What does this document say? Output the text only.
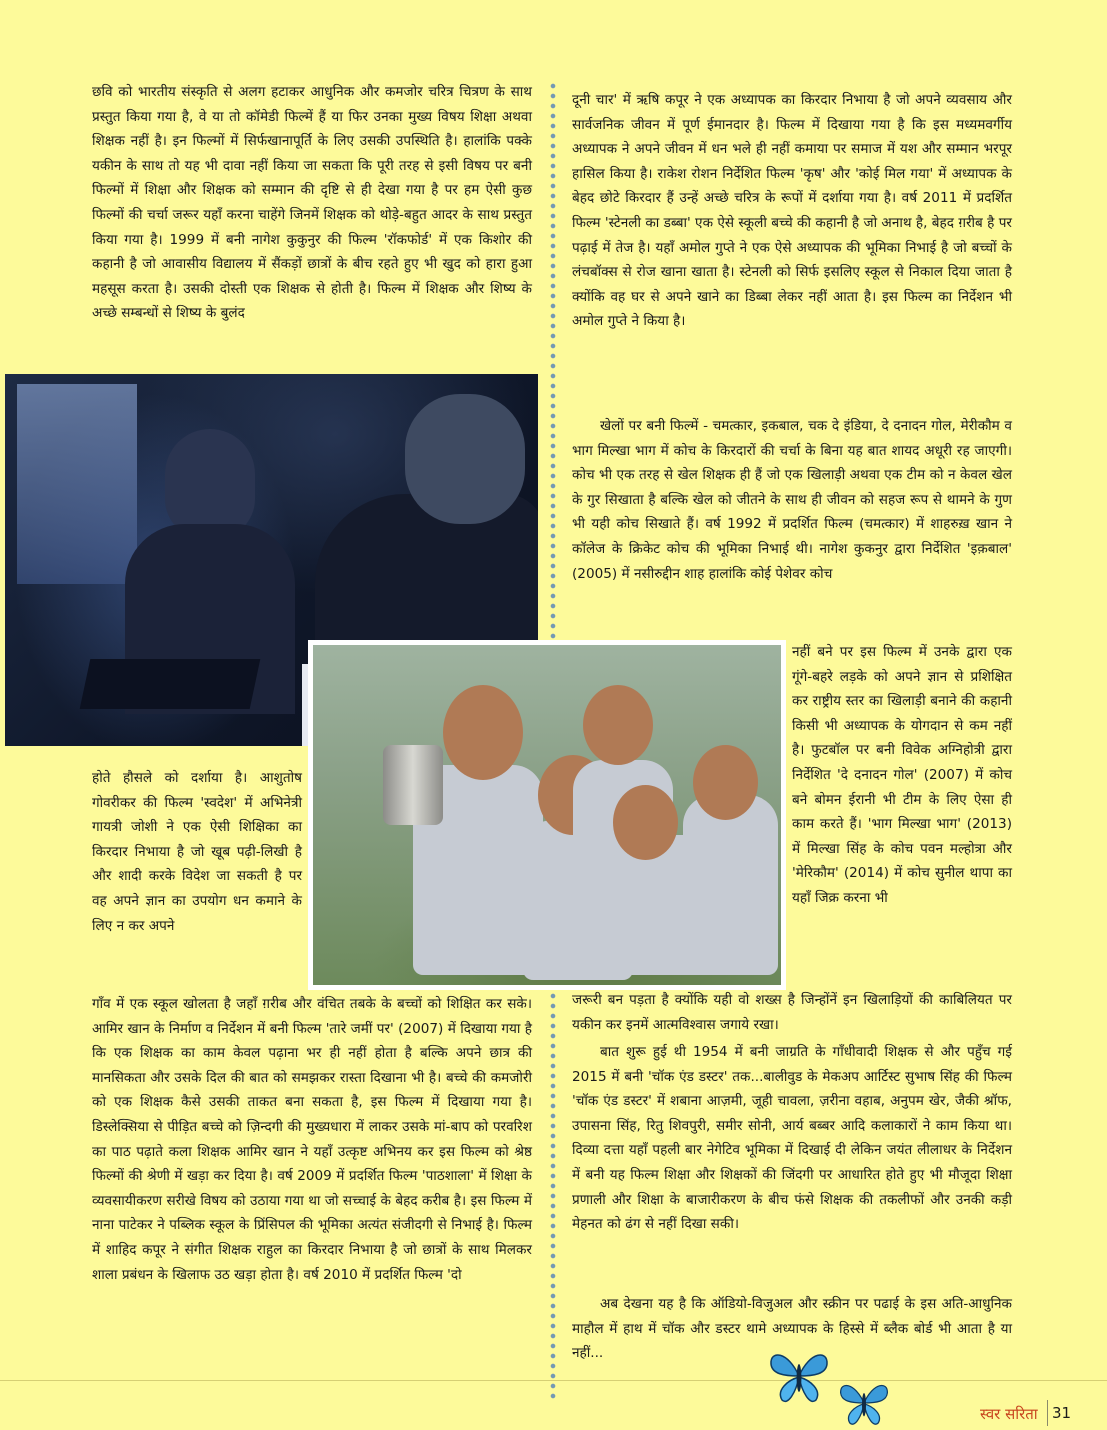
छवि को भारतीय संस्कृति से अलग हटाकर आधुनिक और कमजोर चरित्र चित्रण के साथ प्रस्तुत किया गया है, वे या तो कॉमेडी फिल्में हैं या फिर उनका मुख्य विषय शिक्षा अथवा शिक्षक नहीं है। इन फिल्मों में सिर्फखानापूर्ति के लिए उसकी उपस्थिति है। हालांकि पक्के यकीन के साथ तो यह भी दावा नहीं किया जा सकता कि पूरी तरह से इसी विषय पर बनी फिल्मों में शिक्षा और शिक्षक को सम्मान की दृष्टि से ही देखा गया है पर हम ऐसी कुछ फिल्मों की चर्चा जरूर यहाँ करना चाहेंगे जिनमें शिक्षक को थोड़े-बहुत आदर के साथ प्रस्तुत किया गया है। 1999 में बनी नागेश कुकुनुर की फिल्म 'रॉकफोर्ड' में एक किशोर की कहानी है जो आवासीय विद्यालय में सैंकड़ों छात्रों के बीच रहते हुए भी खुद को हारा हुआ महसूस करता है। उसकी दोस्ती एक शिक्षक से होती है। फिल्म में शिक्षक और शिष्य के अच्छे सम्बन्धों से शिष्य के बुलंद

होते हौसले को दर्शाया है। आशुतोष गोवरीकर की फिल्म 'स्वदेश' में अभिनेत्री गायत्री जोशी ने एक ऐसी शिक्षिका का किरदार निभाया है जो खूब पढ़ी-लिखी है और शादी करके विदेश जा सकती है पर वह अपने ज्ञान का उपयोग धन कमाने के लिए न कर अपने

गाँव में एक स्कूल खोलता है जहाँ ग़रीब और वंचित तबके के बच्चों को शिक्षित कर सके। आमिर खान के निर्माण व निर्देशन में बनी फिल्म 'तारे जमीं पर' (2007) में दिखाया गया है कि एक शिक्षक का काम केवल पढ़ाना भर ही नहीं होता है बल्कि अपने छात्र की मानसिकता और उसके दिल की बात को समझकर रास्ता दिखाना भी है। बच्चे की कमजोरी को एक शिक्षक कैसे उसकी ताकत बना सकता है, इस फिल्म में दिखाया गया है। डिस्लेक्सिया से पीड़ित बच्चे को ज़िन्दगी की मुख्यधारा में लाकर उसके मां-बाप को परवरिश का पाठ पढ़ाते कला शिक्षक आमिर खान ने यहाँ उत्कृष्ट अभिनय कर इस फिल्म को श्रेष्ठ फिल्मों की श्रेणी में खड़ा कर दिया है। वर्ष 2009 में प्रदर्शित फिल्म 'पाठशाला' में शिक्षा के व्यवसायीकरण सरीखे विषय को उठाया गया था जो सच्चाई के बेहद करीब है। इस फिल्म में नाना पाटेकर ने पब्लिक स्कूल के प्रिंसिपल की भूमिका अत्यंत संजीदगी से निभाई है। फिल्म में शाहिद कपूर ने संगीत शिक्षक राहुल का किरदार निभाया है जो छात्रों के साथ मिलकर शाला प्रबंधन के खिलाफ उठ खड़ा होता है। वर्ष 2010 में प्रदर्शित फिल्म 'दो

दूनी चार' में ऋषि कपूर ने एक अध्यापक का किरदार निभाया है जो अपने व्यवसाय और सार्वजनिक जीवन में पूर्ण ईमानदार है। फिल्म में दिखाया गया है कि इस मध्यमवर्गीय अध्यापक ने अपने जीवन में धन भले ही नहीं कमाया पर समाज में यश और सम्मान भरपूर हासिल किया है। राकेश रोशन निर्देशित फिल्म 'कृष' और 'कोई मिल गया' में अध्यापक के बेहद छोटे किरदार हैं उन्हें अच्छे चरित्र के रूपों में दर्शाया गया है। वर्ष 2011 में प्रदर्शित फिल्म 'स्टेनली का डब्बा' एक ऐसे स्कूली बच्चे की कहानी है जो अनाथ है, बेहद ग़रीब है पर पढ़ाई में तेज है। यहाँ अमोल गुप्ते ने एक ऐसे अध्यापक की भूमिका निभाई है जो बच्चों के लंचबॉक्स से रोज खाना खाता है। स्टेनली को सिर्फ इसलिए स्कूल से निकाल दिया जाता है क्योंकि वह घर से अपने खाने का डिब्बा लेकर नहीं आता है। इस फिल्म का निर्देशन भी अमोल गुप्ते ने किया है।

खेलों पर बनी फिल्में - चमत्कार, इकबाल, चक दे इंडिया, दे दनादन गोल, मेरीकौम व भाग मिल्खा भाग में कोच के किरदारों की चर्चा के बिना यह बात शायद अधूरी रह जाएगी। कोच भी एक तरह से खेल शिक्षक ही हैं जो एक खिलाड़ी अथवा एक टीम को न केवल खेल के गुर सिखाता है बल्कि खेल को जीतने के साथ ही जीवन को सहज रूप से थामने के गुण भी यही कोच सिखाते हैं। वर्ष 1992 में प्रदर्शित फिल्म (चमत्कार) में शाहरुख़ खान ने कॉलेज के क्रिकेट कोच की भूमिका निभाई थी। नागेश कुकनुर द्वारा निर्देशित 'इक़बाल' (2005) में नसीरुद्दीन शाह हालांकि कोई पेशेवर कोच

नहीं बने पर इस फिल्म में उनके द्वारा एक गूंगे-बहरे लड़के को अपने ज्ञान से प्रशिक्षित कर राष्ट्रीय स्तर का खिलाड़ी बनाने की कहानी किसी भी अध्यापक के योगदान से कम नहीं है। फुटबॉल पर बनी विवेक अग्निहोत्री द्वारा निर्देशित 'दे दनादन गोल' (2007) में कोच बने बोमन ईरानी भी टीम के लिए ऐसा ही काम करते हैं। 'भाग मिल्खा भाग' (2013) में मिल्खा सिंह के कोच पवन मल्होत्रा और 'मेरिकौम' (2014) में कोच सुनील थापा का यहाँ जिक्र करना भी

जरूरी बन पड़ता है क्योंकि यही वो शख्स है जिन्होंनें इन खिलाड़ियों की काबिलियत पर यकीन कर इनमें आत्मविश्वास जगाये रखा।

बात शुरू हुई थी 1954 में बनी जाग्रति के गाँधीवादी शिक्षक से और पहुँच गई 2015 में बनी 'चॉक एंड डस्टर' तक...बालीवुड के मेकअप आर्टिस्ट सुभाष सिंह की फिल्म 'चॉक एंड डस्टर' में शबाना आज़मी, जूही चावला, ज़रीना वहाब, अनुपम खेर, जैकी श्रॉफ, उपासना सिंह, रितु शिवपुरी, समीर सोनी, आर्य बब्बर आदि कलाकारों ने काम किया था। दिव्या दत्ता यहाँ पहली बार नेगेटिव भूमिका में दिखाई दी लेकिन जयंत लीलाधर के निर्देशन में बनी यह फिल्म शिक्षा और शिक्षकों की जिंदगी पर आधारित होते हुए भी मौजूदा शिक्षा प्रणाली और शिक्षा के बाजारीकरण के बीच फंसे शिक्षक की तकलीफों और उनकी कड़ी मेहनत को ढंग से नहीं दिखा सकी।

अब देखना यह है कि ऑडियो-विजुअल और स्क्रीन पर पढाई के इस अति-आधुनिक माहौल में हाथ में चॉक और डस्टर थामे अध्यापक के हिस्से में ब्लैक बोर्ड भी आता है या नहीं...

स्वर सरिता 31
